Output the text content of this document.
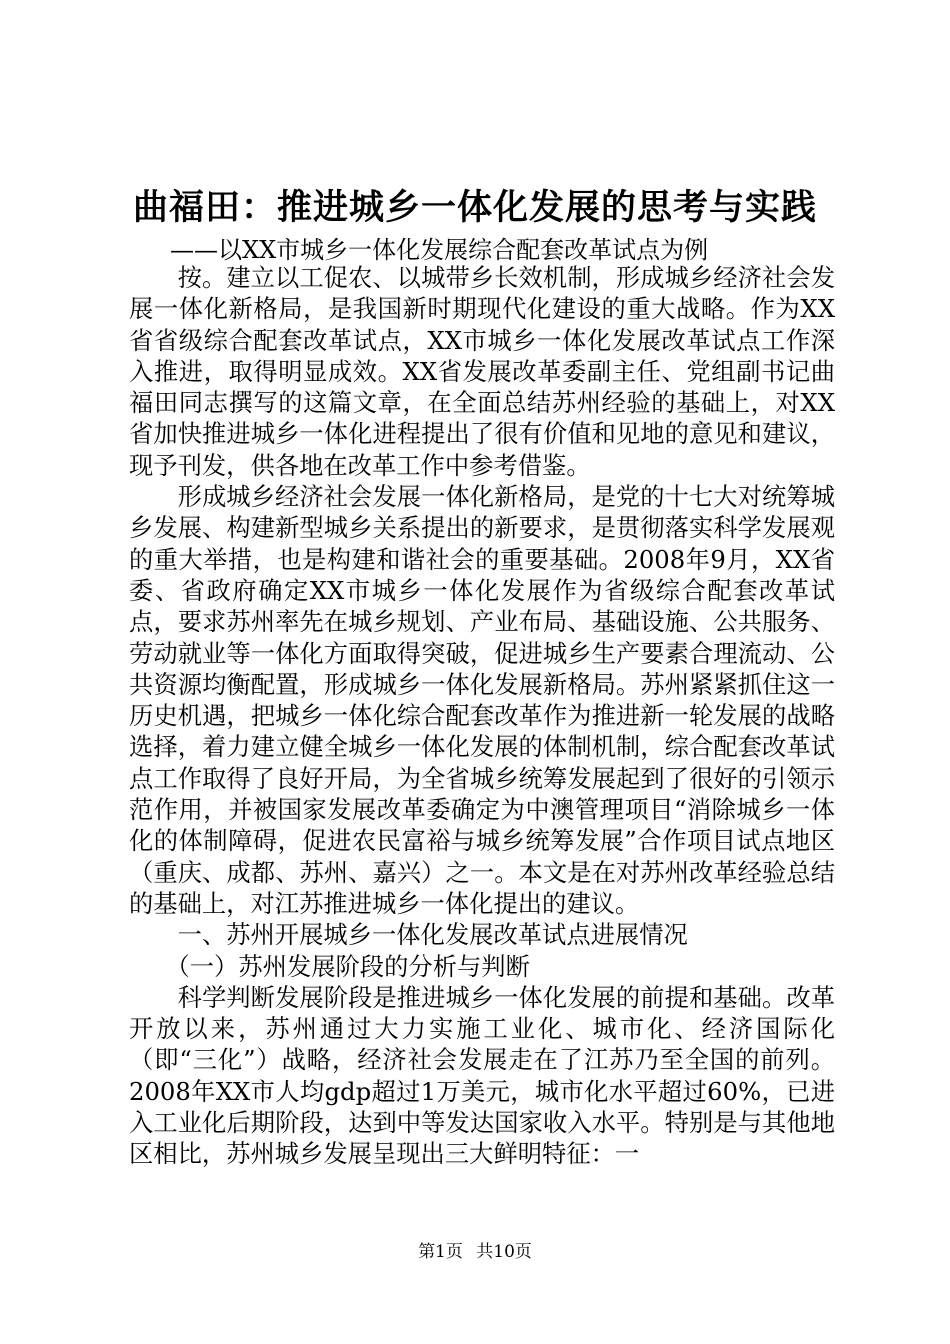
曲福田：推进城乡一体化发展的思考与实践

——以XX市城乡一体化发展综合配套改革试点为例

按。建立以工促农、以城带乡长效机制，形成城乡经济社会发展一体化新格局，是我国新时期现代化建设的重大战略。作为XX省省级综合配套改革试点，XX市城乡一体化发展改革试点工作深入推进，取得明显成效。XX省发展改革委副主任、党组副书记曲福田同志撰写的这篇文章，在全面总结苏州经验的基础上，对XX省加快推进城乡一体化进程提出了很有价值和见地的意见和建议，现予刊发，供各地在改革工作中参考借鉴。

形成城乡经济社会发展一体化新格局，是党的十七大对统筹城乡发展、构建新型城乡关系提出的新要求，是贯彻落实科学发展观的重大举措，也是构建和谐社会的重要基础。2008年9月，XX省委、省政府确定XX市城乡一体化发展作为省级综合配套改革试点，要求苏州率先在城乡规划、产业布局、基础设施、公共服务、劳动就业等一体化方面取得突破，促进城乡生产要素合理流动、公共资源均衡配置，形成城乡一体化发展新格局。苏州紧紧抓住这一历史机遇，把城乡一体化综合配套改革作为推进新一轮发展的战略选择，着力建立健全城乡一体化发展的体制机制，综合配套改革试点工作取得了良好开局，为全省城乡统筹发展起到了很好的引领示范作用，并被国家发展改革委确定为中澳管理项目“消除城乡一体化的体制障碍，促进农民富裕与城乡统筹发展”合作项目试点地区（重庆、成都、苏州、嘉兴）之一。本文是在对苏州改革经验总结的基础上，对江苏推进城乡一体化提出的建议。

一、苏州开展城乡一体化发展改革试点进展情况

（一）苏州发展阶段的分析与判断

科学判断发展阶段是推进城乡一体化发展的前提和基础。改革开放以来，苏州通过大力实施工业化、城市化、经济国际化（即“三化”）战略，经济社会发展走在了江苏乃至全国的前列。2008年XX市人均gdp超过1万美元，城市化水平超过60%，已进入工业化后期阶段，达到中等发达国家收入水平。特别是与其他地区相比，苏州城乡发展呈现出三大鲜明特征：一

第1页 共10页
